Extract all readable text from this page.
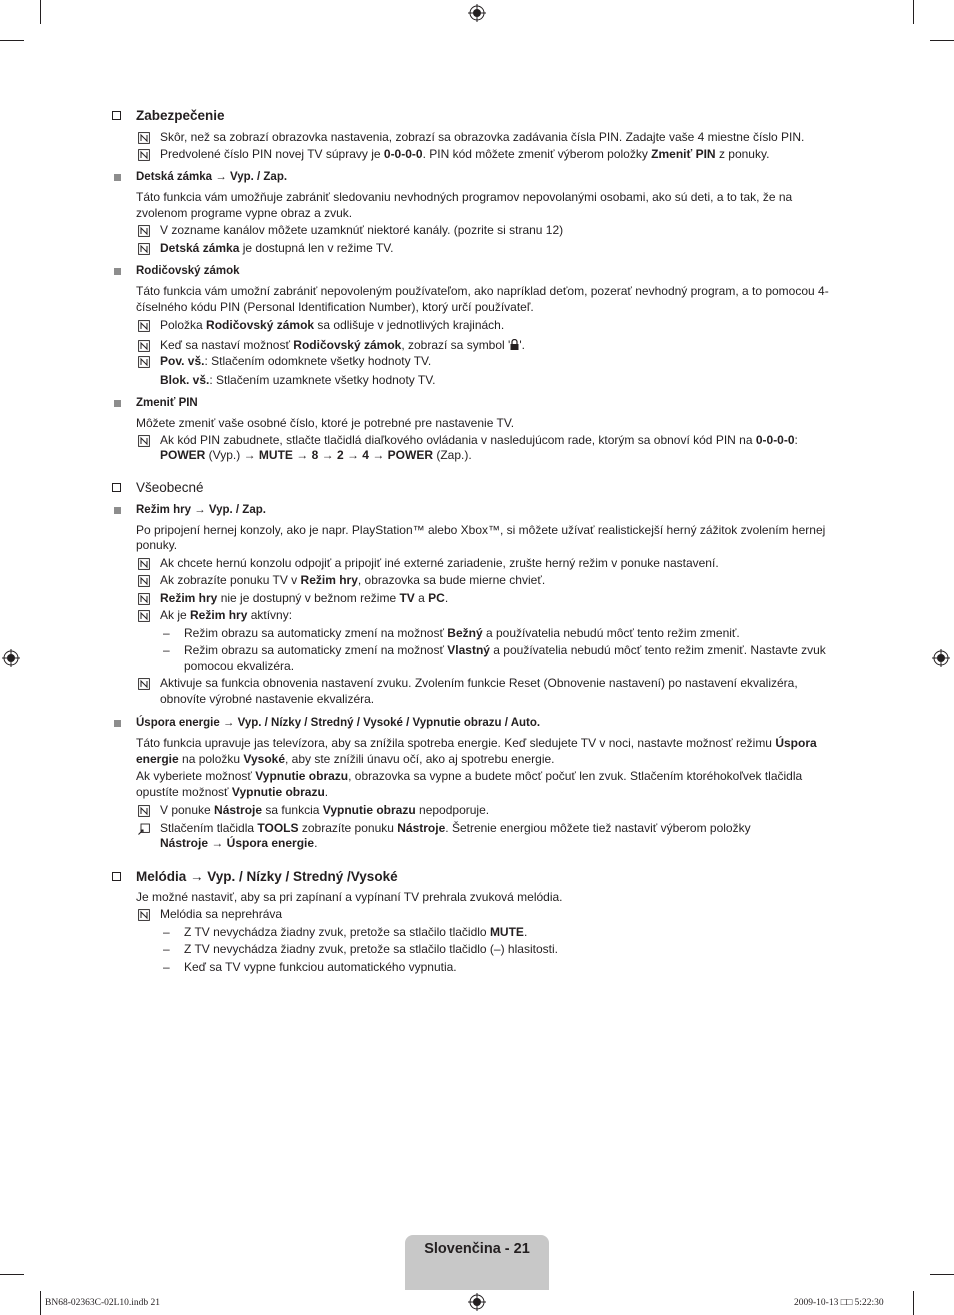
Zabezpečenie
Skôr, než sa zobrazí obrazovka nastavenia, zobrazí sa obrazovka zadávania čísla PIN. Zadajte vaše 4 miestne číslo PIN.
Predvolené číslo PIN novej TV súpravy je 0-0-0-0. PIN kód môžete zmeniť výberom položky Zmeniť PIN z ponuky.
Detská zámka → Vyp. / Zap.
Táto funkcia vám umožňuje zabrániť sledovaniu nevhodných programov nepovolanými osobami, ako sú deti, a to tak, že na zvolenom programe vypne obraz a zvuk.
V zozname kanálov môžete uzamknúť niektoré kanály. (pozrite si stranu 12)
Detská zámka je dostupná len v režime TV.
Rodičovský zámok
Táto funkcia vám umožní zabrániť nepovoleným používateľom, ako napríklad deťom, pozerať nevhodný program, a to pomocou 4-číselného kódu PIN (Personal Identification Number), ktorý určí používateľ.
Položka Rodičovský zámok sa odlišuje v jednotlivých krajinách.
Keď sa nastaví možnosť Rodičovský zámok, zobrazí sa symbol ' '.
Pov. vš.: Stlačením odomknete všetky hodnoty TV.
Blok. vš.: Stlačením uzamknete všetky hodnoty TV.
Zmeniť PIN
Môžete zmeniť vaše osobné číslo, ktoré je potrebné pre nastavenie TV.
Ak kód PIN zabudnete, stlačte tlačidlá diaľkového ovládania v nasledujúcom rade, ktorým sa obnoví kód PIN na 0-0-0-0:
POWER (Vyp.) → MUTE → 8 → 2 → 4 → POWER (Zap.).
Všeobecné
Režim hry → Vyp. / Zap.
Po pripojení hernej konzoly, ako je napr. PlayStation™ alebo Xbox™, si môžete užívať realistickejší herný zážitok zvolením hernej ponuky.
Ak chcete hernú konzolu odpojiť a pripojiť iné externé zariadenie, zrušte herný režim v ponuke nastavení.
Ak zobrazíte ponuku TV v Režim hry, obrazovka sa bude mierne chvieť.
Režim hry nie je dostupný v bežnom režime TV a PC.
Ak je Režim hry aktívny:
– Režim obrazu sa automaticky zmení na možnosť Bežný a používatelia nebudú môcť tento režim zmeniť.
– Režim obrazu sa automaticky zmení na možnosť Vlastný a používatelia nebudú môcť tento režim zmeniť. Nastavte zvuk pomocou ekvalizéra.
Aktivuje sa funkcia obnovenia nastavení zvuku. Zvolením funkcie Reset (Obnovenie nastavení) po nastavení ekvalizéra, obnovíte výrobné nastavenie ekvalizéra.
Úspora energie → Vyp. / Nízky / Stredný / Vysoké / Vypnutie obrazu / Auto.
Táto funkcia upravuje jas televízora, aby sa znížila spotreba energie. Keď sledujete TV v noci, nastavte možnosť režimu Úspora energie na položku Vysoké, aby ste znížili únavu očí, ako aj spotrebu energie.
Ak vyberiete možnosť Vypnutie obrazu, obrazovka sa vypne a budete môcť počuť len zvuk. Stlačením ktoréhokoľvek tlačidla opustíte možnosť Vypnutie obrazu.
V ponuke Nástroje sa funkcia Vypnutie obrazu nepodporuje.
Stlačením tlačidla TOOLS zobrazíte ponuku Nástroje. Šetrenie energiou môžete tiež nastaviť výberom položky
Nástroje → Úspora energie.
Melódia → Vyp. / Nízky / Stredný /Vysoké
Je možné nastaviť, aby sa pri zapínaní a vypínaní TV prehrala zvuková melódia.
Melódia sa neprehráva
– Z TV nevychádza žiadny zvuk, pretože sa stlačilo tlačidlo MUTE.
– Z TV nevychádza žiadny zvuk, pretože sa stlačilo tlačidlo (–) hlasitosti.
– Keď sa TV vypne funkciou automatického vypnutia.
Slovenčina - 21
BN68-02363C-02L10.indb 21	2009-10-13 □□ 5:22:30
